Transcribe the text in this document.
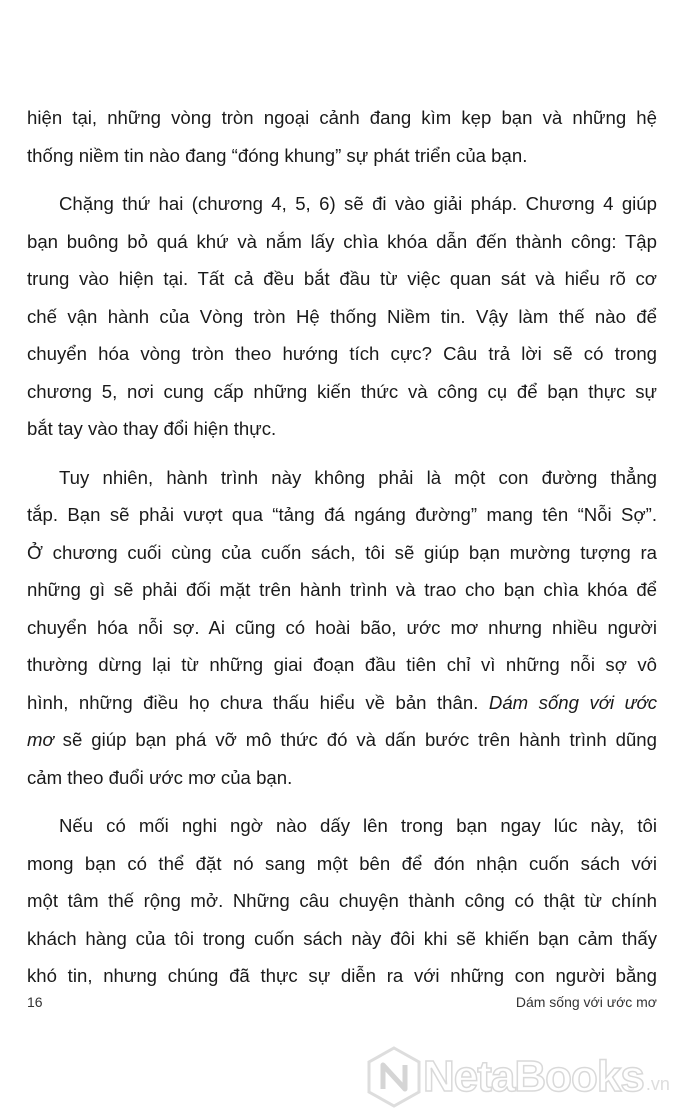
hiện tại, những vòng tròn ngoại cảnh đang kìm kẹp bạn và những hệ
thống niềm tin nào đang “đóng khung” sự phát triển của bạn.
Chặng thứ hai (chương 4, 5, 6) sẽ đi vào giải pháp. Chương 4 giúp
bạn buông bỏ quá khứ và nắm lấy chìa khóa dẫn đến thành công: Tập
trung vào hiện tại. Tất cả đều bắt đầu từ việc quan sát và hiểu rõ cơ
chế vận hành của Vòng tròn Hệ thống Niềm tin. Vậy làm thế nào để
chuyển hóa vòng tròn theo hướng tích cực? Câu trả lời sẽ có trong
chương 5, nơi cung cấp những kiến thức và công cụ để bạn thực sự
bắt tay vào thay đổi hiện thực.
Tuy nhiên, hành trình này không phải là một con đường thẳng
tắp. Bạn sẽ phải vượt qua “tảng đá ngáng đường” mang tên “Nỗi Sợ”.
Ở chương cuối cùng của cuốn sách, tôi sẽ giúp bạn mường tượng ra
những gì sẽ phải đối mặt trên hành trình và trao cho bạn chìa khóa để
chuyển hóa nỗi sợ. Ai cũng có hoài bão, ước mơ nhưng nhiều người
thường dừng lại từ những giai đoạn đầu tiên chỉ vì những nỗi sợ vô
hình, những điều họ chưa thấu hiểu về bản thân. Dám sống với ước
mơ sẽ giúp bạn phá vỡ mô thức đó và dấn bước trên hành trình dũng
cảm theo đuổi ước mơ của bạn.
Nếu có mối nghi ngờ nào dấy lên trong bạn ngay lúc này, tôi
mong bạn có thể đặt nó sang một bên để đón nhận cuốn sách với
một tâm thế rộng mở. Những câu chuyện thành công có thật từ chính
khách hàng của tôi trong cuốn sách này đôi khi sẽ khiến bạn cảm thấy
khó tin, nhưng chúng đã thực sự diễn ra với những con người bằng
16	Dám sống với ước mơ
NetaBooks .vn
